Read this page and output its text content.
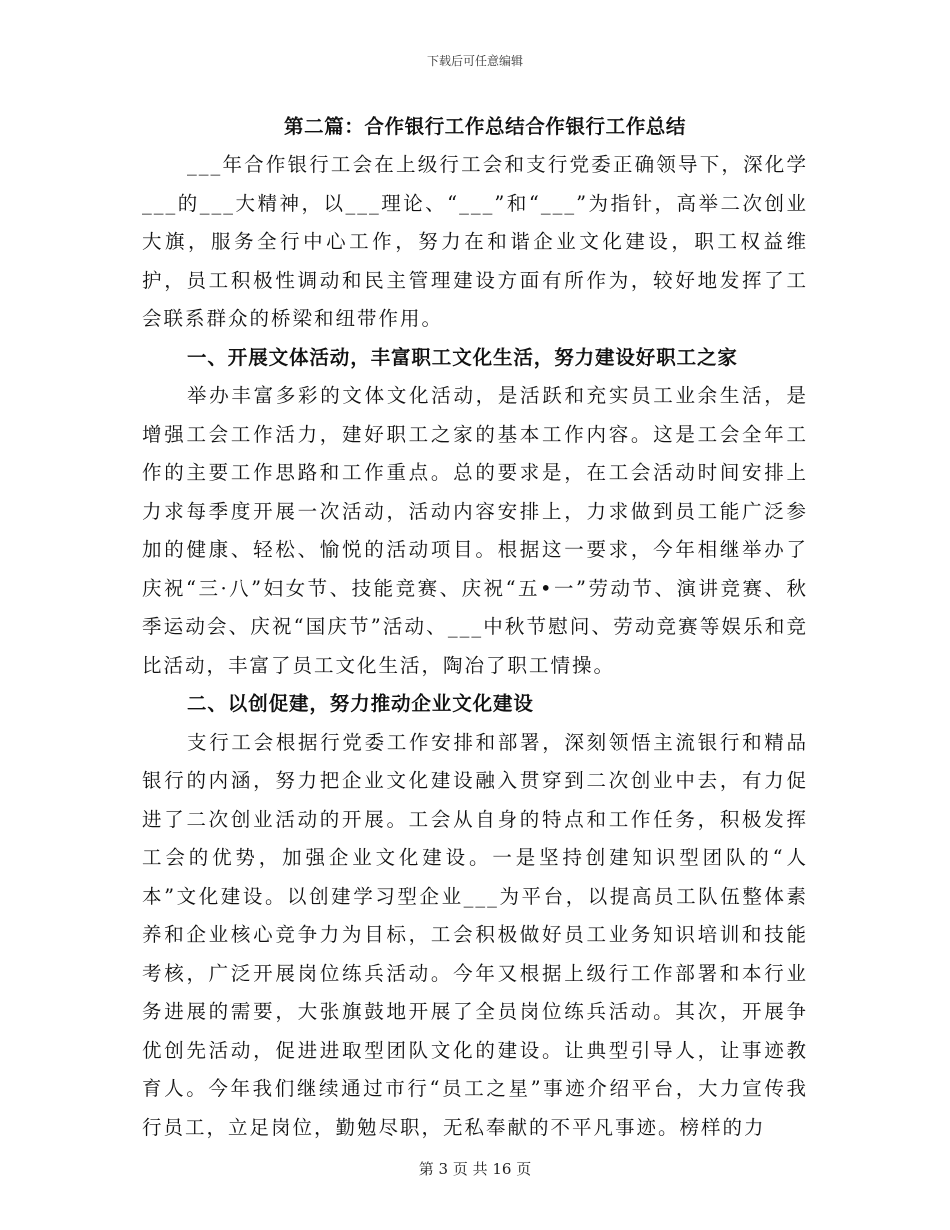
下载后可任意编辑
第二篇：合作银行工作总结合作银行工作总结
___年合作银行工会在上级行工会和支行党委正确领导下，深化学___的___大精神，以___理论、“___”和“___”为指针，高举二次创业大旗，服务全行中心工作，努力在和谐企业文化建设，职工权益维护，员工积极性调动和民主管理建设方面有所作为，较好地发挥了工会联系群众的桥梁和纽带作用。
一、开展文体活动，丰富职工文化生活，努力建设好职工之家
举办丰富多彩的文体文化活动，是活跃和充实员工业余生活，是增强工会工作活力，建好职工之家的基本工作内容。这是工会全年工作的主要工作思路和工作重点。总的要求是，在工会活动时间安排上力求每季度开展一次活动，活动内容安排上，力求做到员工能广泛参加的健康、轻松、愉悦的活动项目。根据这一要求，今年相继举办了庆祝“三·八”妇女节、技能竞赛、庆祝“五•一”劳动节、演讲竞赛、秋季运动会、庆祝“国庆节”活动、___中秋节慰问、劳动竞赛等娱乐和竞比活动，丰富了员工文化生活，陶冶了职工情操。
二、以创促建，努力推动企业文化建设
支行工会根据行党委工作安排和部署，深刻领悟主流银行和精品银行的内涵，努力把企业文化建设融入贯穿到二次创业中去，有力促进了二次创业活动的开展。工会从自身的特点和工作任务，积极发挥工会的优势，加强企业文化建设。一是坚持创建知识型团队的“人本”文化建设。以创建学习型企业___为平台，以提高员工队伍整体素养和企业核心竞争力为目标，工会积极做好员工业务知识培训和技能考核，广泛开展岗位练兵活动。今年又根据上级行工作部署和本行业务进展的需要，大张旗鼓地开展了全员岗位练兵活动。其次，开展争优创先活动，促进进取型团队文化的建设。让典型引导人，让事迹教育人。今年我们继续通过市行“员工之星”事迹介绍平台，大力宣传我行员工，立足岗位，勤勉尽职，无私奉献的不平凡事迹。榜样的力
第 3 页 共 16 页
